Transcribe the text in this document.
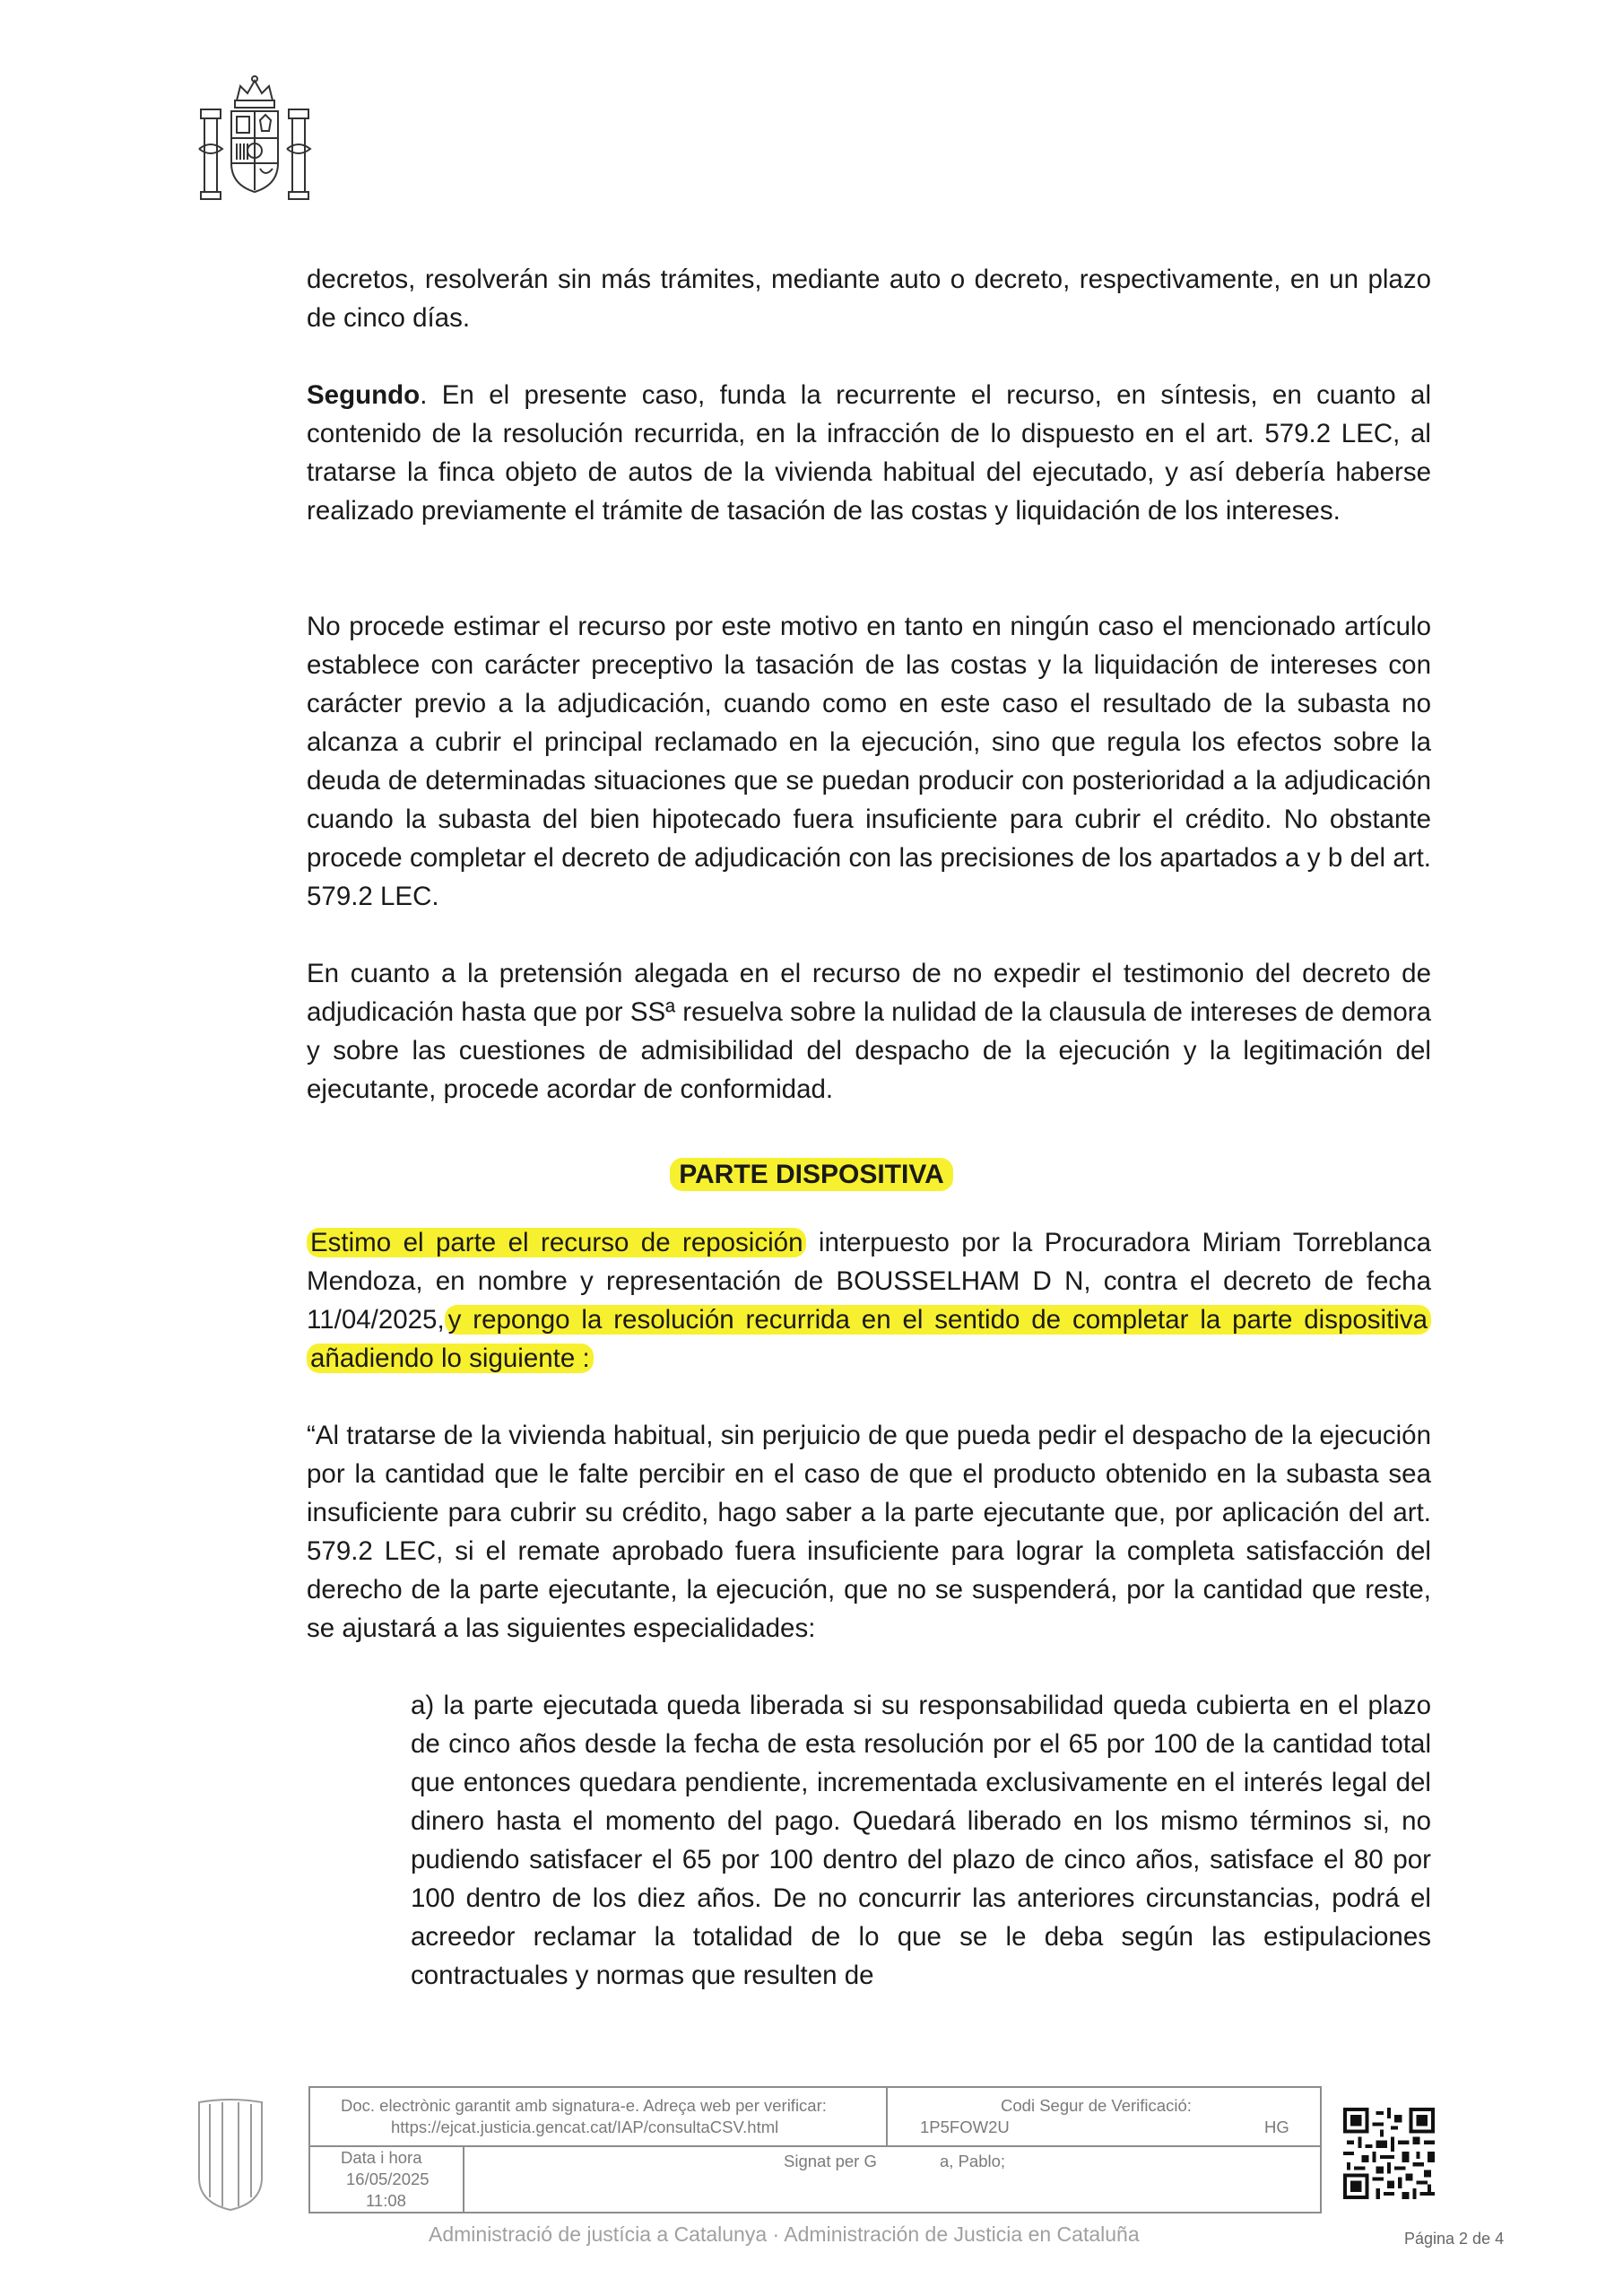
decretos, resolverán sin más trámites, mediante auto o decreto, respectivamente, en un plazo de cinco días.

Segundo. En el presente caso, funda la recurrente el recurso, en síntesis, en cuanto al contenido de la resolución recurrida, en la infracción de lo dispuesto en el art. 579.2 LEC, al tratarse la finca objeto de autos de la vivienda habitual del ejecutado, y así debería haberse realizado previamente el trámite de tasación de las costas y liquidación de los intereses.

No procede estimar el recurso por este motivo en tanto en ningún caso el mencionado artículo establece con carácter preceptivo la tasación de las costas y la liquidación de intereses con carácter previo a la adjudicación, cuando como en este caso el resultado de la subasta no alcanza a cubrir el principal reclamado en la ejecución, sino que regula los efectos sobre la deuda de determinadas situaciones que se puedan producir con posterioridad a la adjudicación cuando la subasta del bien hipotecado fuera insuficiente para cubrir el crédito. No obstante procede completar el decreto de adjudicación con las precisiones de los apartados a y b del art. 579.2 LEC.

En cuanto a la pretensión alegada en el recurso de no expedir el testimonio del decreto de adjudicación hasta que por SSª resuelva sobre la nulidad de la clausula de intereses de demora y sobre las cuestiones de admisibilidad del despacho de la ejecución y la legitimación del ejecutante, procede acordar de conformidad.

PARTE DISPOSITIVA

Estimo el parte el recurso de reposición interpuesto por la Procuradora Miriam Torreblanca Mendoza, en nombre y representación de BOUSSELHAM D N, contra el decreto de fecha 11/04/2025, y repongo la resolución recurrida en el sentido de completar la parte dispositiva añadiendo lo siguiente :

“Al tratarse de la vivienda habitual, sin perjuicio de que pueda pedir el despacho de la ejecución por la cantidad que le falte percibir en el caso de que el producto obtenido en la subasta sea insuficiente para cubrir su crédito, hago saber a la parte ejecutante que, por aplicación del art. 579.2 LEC, si el remate aprobado fuera insuficiente para lograr la completa satisfacción del derecho de la parte ejecutante, la ejecución, que no se suspenderá, por la cantidad que reste, se ajustará a las siguientes especialidades:

a) la parte ejecutada queda liberada si su responsabilidad queda cubierta en el plazo de cinco años desde la fecha de esta resolución por el 65 por 100 de la cantidad total que entonces quedara pendiente, incrementada exclusivamente en el interés legal del dinero hasta el momento del pago. Quedará liberado en los mismo términos si, no pudiendo satisfacer el 65 por 100 dentro del plazo de cinco años, satisface el 80 por 100 dentro de los diez años. De no concurrir las anteriores circunstancias, podrá el acreedor reclamar la totalidad de lo que se le deba según las estipulaciones contractuales y normas que resulten de

Doc. electrònic garantit amb signatura-e. Adreça web per verificar:
https://ejcat.justicia.gencat.cat/IAP/consultaCSV.html
Codi Segur de Verificació:
1P5FOW2U	HG
Data i hora
16/05/2025
11:08
Signat per G	a, Pablo;
Administració de justícia a Catalunya · Administración de Justicia en Cataluña	Página 2 de 4
